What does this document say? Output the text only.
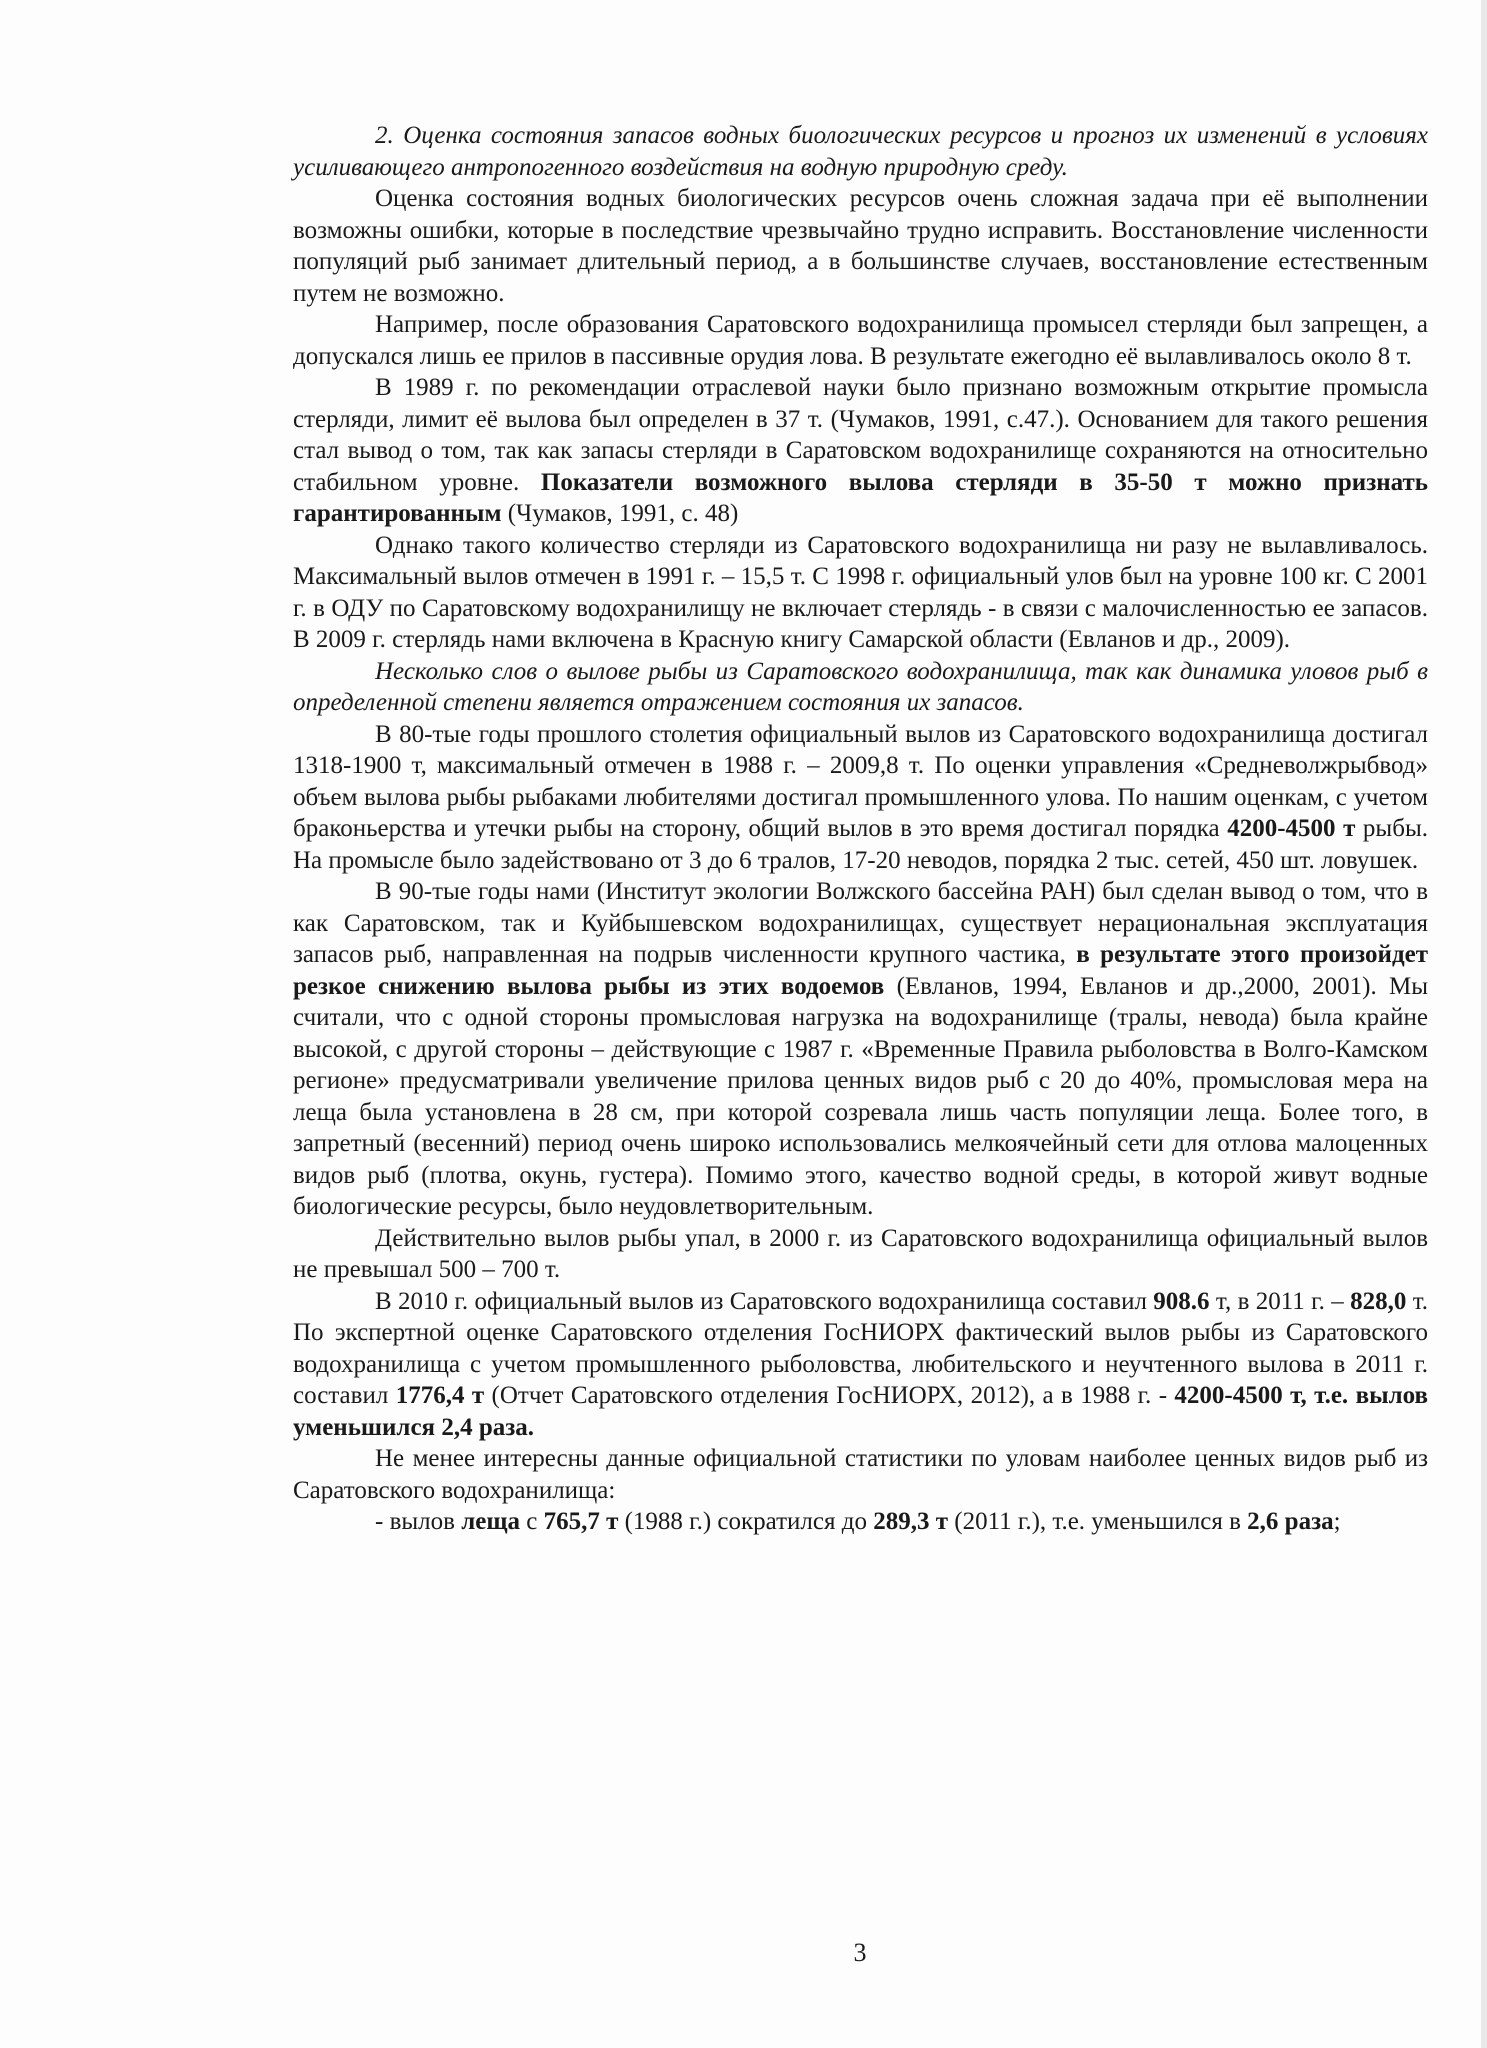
2. Оценка состояния запасов водных биологических ресурсов и прогноз их изменений в условиях усиливающего антропогенного воздействия на водную природную среду.

Оценка состояния водных биологических ресурсов очень сложная задача при её выполнении возможны ошибки, которые в последствие чрезвычайно трудно исправить. Восстановление численности популяций рыб занимает длительный период, а в большинстве случаев, восстановление естественным путем не возможно.

Например, после образования Саратовского водохранилища промысел стерляди был запрещен, а допускался лишь ее прилов в пассивные орудия лова. В результате ежегодно её вылавливалось около 8 т.

В 1989 г. по рекомендации отраслевой науки было признано возможным открытие промысла стерляди, лимит её вылова был определен в 37 т. (Чумаков, 1991, с.47.). Основанием для такого решения стал вывод о том, так как запасы стерляди в Саратовском водохранилище сохраняются на относительно стабильном уровне. Показатели возможного вылова стерляди в 35-50 т можно признать гарантированным (Чумаков, 1991, с. 48)

Однако такого количество стерляди из Саратовского водохранилища ни разу не вылавливалось. Максимальный вылов отмечен в 1991 г. – 15,5 т. С 1998 г. официальный улов был на уровне 100 кг. С 2001 г. в ОДУ по Саратовскому водохранилищу не включает стерлядь - в связи с малочисленностью ее запасов. В 2009 г. стерлядь нами включена в Красную книгу Самарской области (Евланов и др., 2009).

Несколько слов о вылове рыбы из Саратовского водохранилища, так как динамика уловов рыб в определенной степени является отражением состояния их запасов.

В 80-тые годы прошлого столетия официальный вылов из Саратовского водохранилища достигал 1318-1900 т, максимальный отмечен в 1988 г. – 2009,8 т. По оценки управления «Средневолжрыбвод» объем вылова рыбы рыбаками любителями достигал промышленного улова. По нашим оценкам, с учетом браконьерства и утечки рыбы на сторону, общий вылов в это время достигал порядка 4200-4500 т рыбы. На промысле было задействовано от 3 до 6 тралов, 17-20 неводов, порядка 2 тыс. сетей, 450 шт. ловушек.

В 90-тые годы нами (Институт экологии Волжского бассейна РАН) был сделан вывод о том, что в как Саратовском, так и Куйбышевском водохранилищах, существует нерациональная эксплуатация запасов рыб, направленная на подрыв численности крупного частика, в результате этого произойдет резкое снижению вылова рыбы из этих водоемов (Евланов, 1994, Евланов и др.,2000, 2001). Мы считали, что с одной стороны промысловая нагрузка на водохранилище (тралы, невода) была крайне высокой, с другой стороны – действующие с 1987 г. «Временные Правила рыболовства в Волго-Камском регионе» предусматривали увеличение прилова ценных видов рыб с 20 до 40%, промысловая мера на леща была установлена в 28 см, при которой созревала лишь часть популяции леща. Более того, в запретный (весенний) период очень широко использовались мелкоячейный сети для отлова малоценных видов рыб (плотва, окунь, густера). Помимо этого, качество водной среды, в которой живут водные биологические ресурсы, было неудовлетворительным.

Действительно вылов рыбы упал, в 2000 г. из Саратовского водохранилища официальный вылов не превышал 500 – 700 т.

В 2010 г. официальный вылов из Саратовского водохранилища составил 908.6 т, в 2011 г. – 828,0 т. По экспертной оценке Саратовского отделения ГосНИОРХ фактический вылов рыбы из Саратовского водохранилища с учетом промышленного рыболовства, любительского и неучтенного вылова в 2011 г. составил 1776,4 т (Отчет Саратовского отделения ГосНИОРХ, 2012), а в 1988 г. - 4200-4500 т, т.е. вылов уменьшился 2,4 раза.

Не менее интересны данные официальной статистики по уловам наиболее ценных видов рыб из Саратовского водохранилища:

- вылов леща с 765,7 т (1988 г.) сократился до 289,3 т (2011 г.), т.е. уменьшился в 2,6 раза;

3
